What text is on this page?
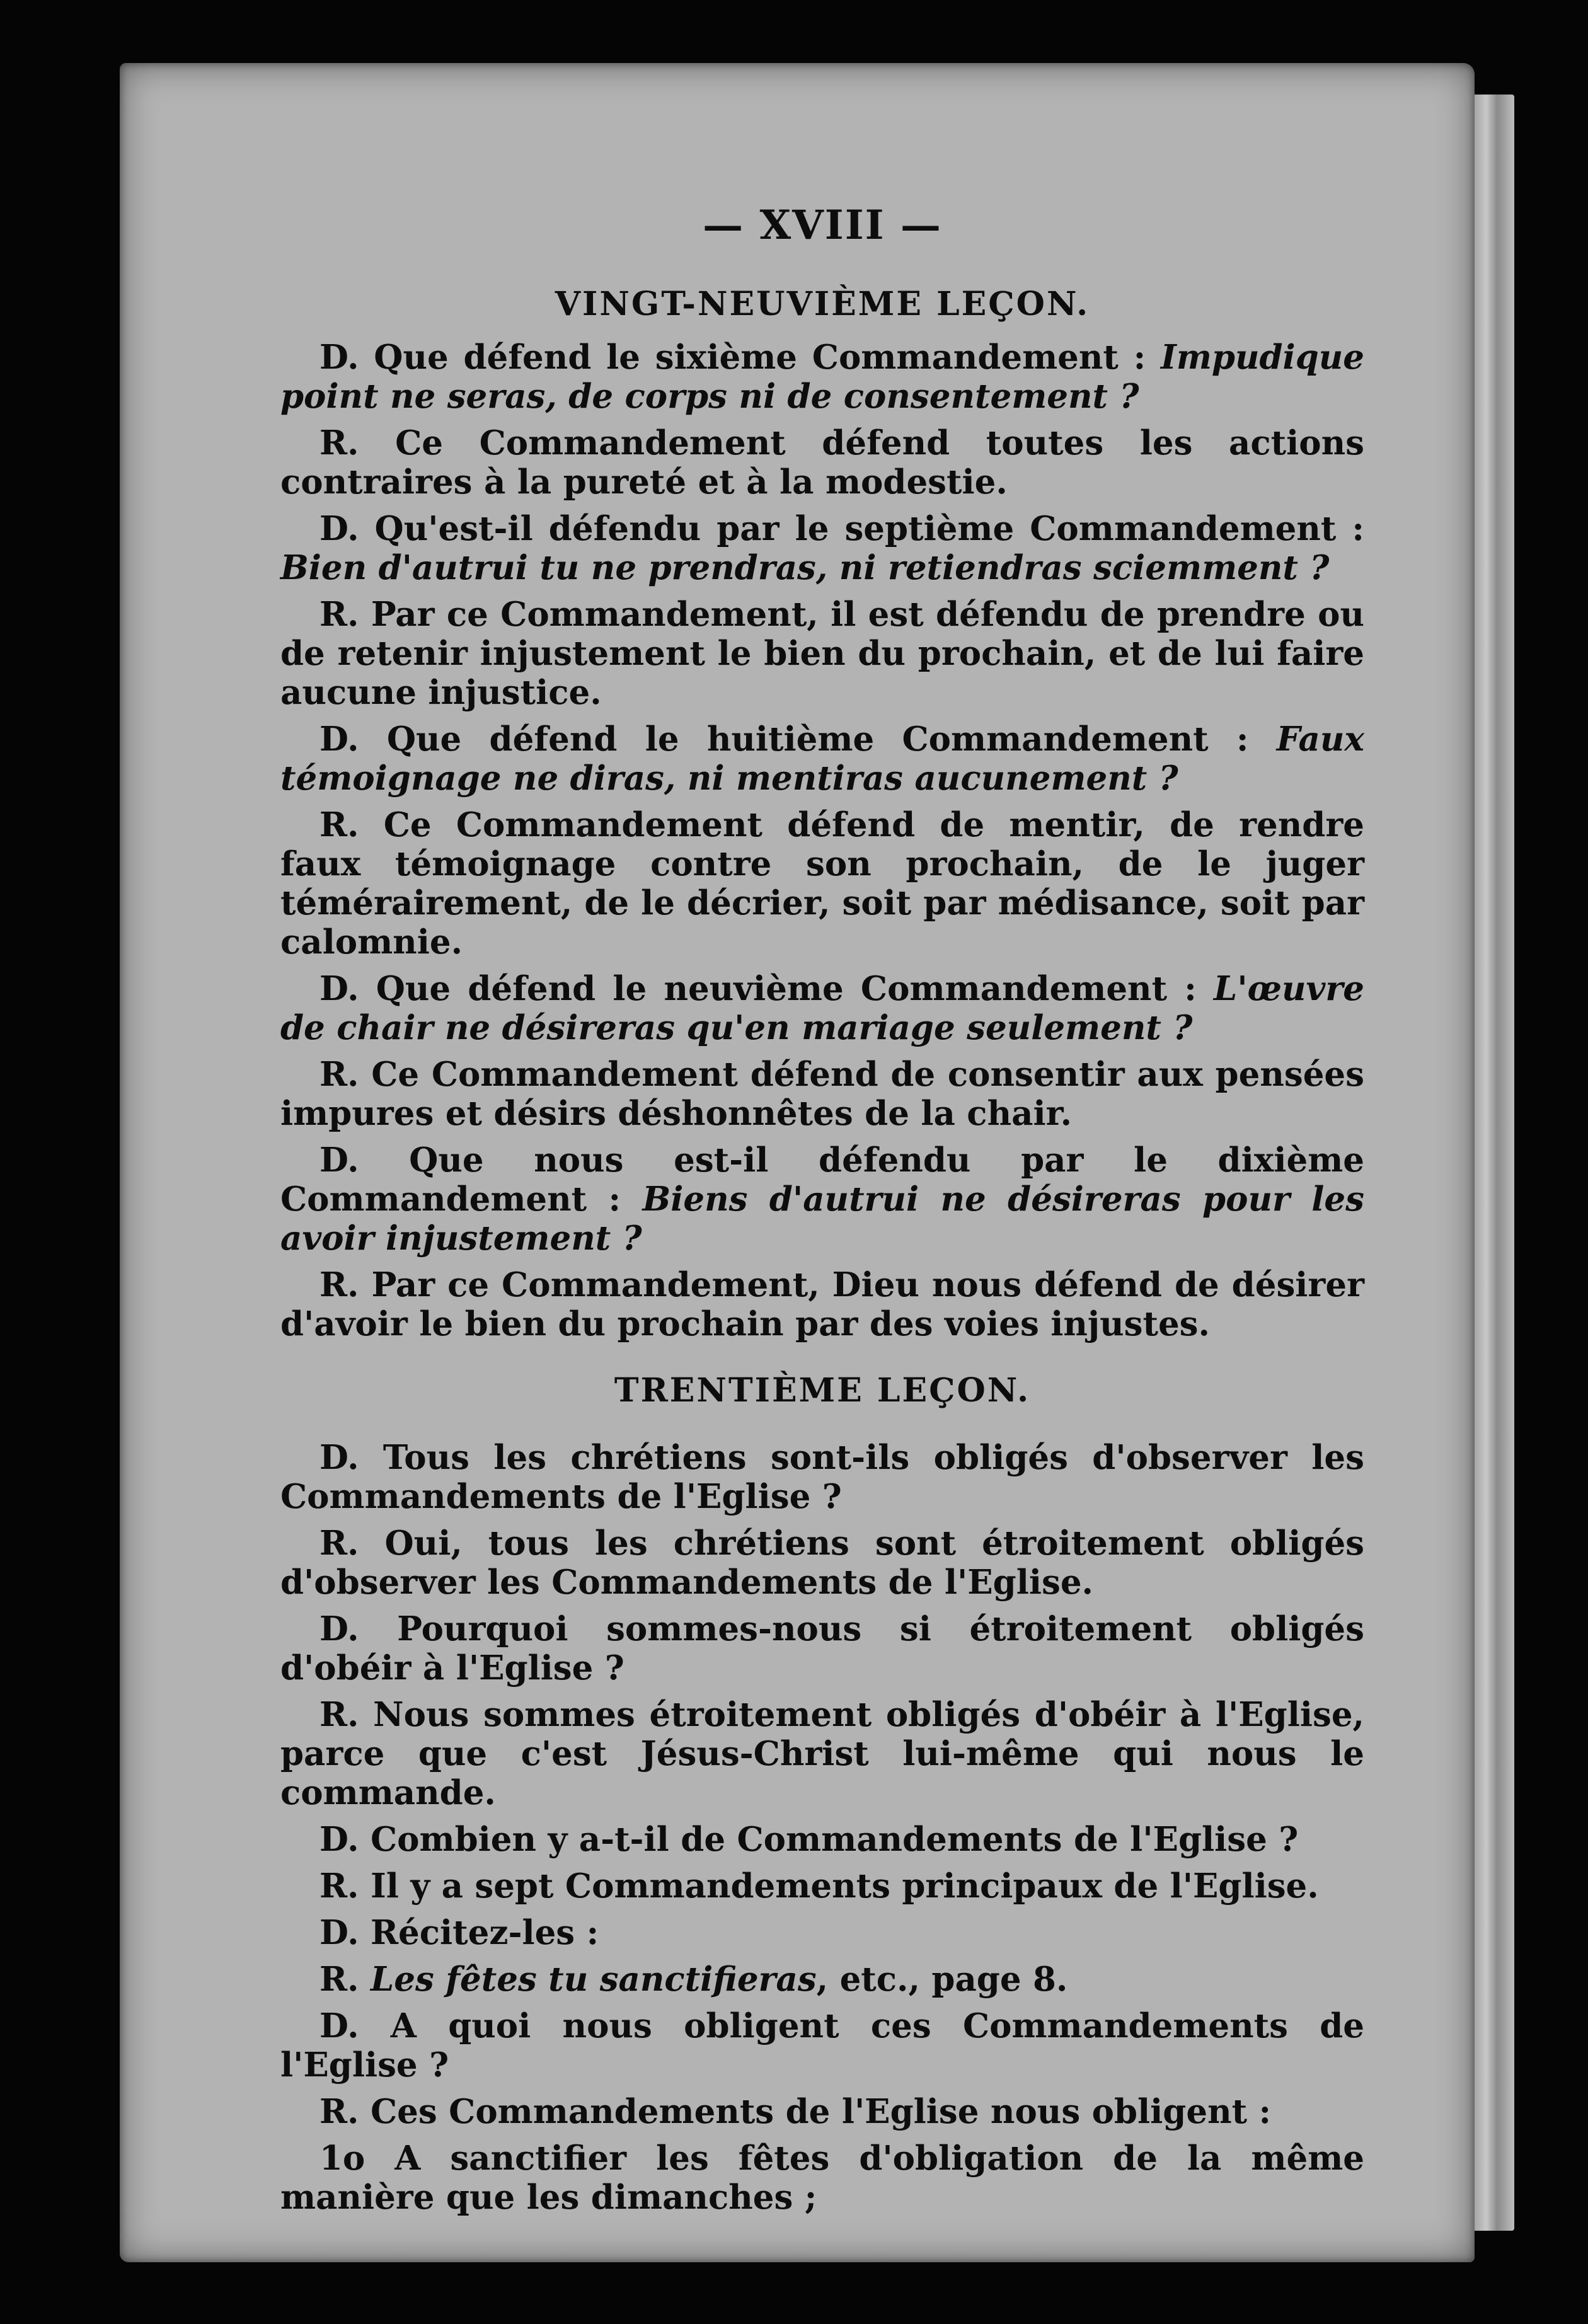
— XVIII —
VINGT-NEUVIÈME LEÇON.

D. Que défend le sixième Commandement : Impudique point ne seras, de corps ni de consentement ?

R. Ce Commandement défend toutes les actions contraires à la pureté et à la modestie.

D. Qu'est-il défendu par le septième Commandement : Bien d'autrui tu ne prendras, ni retiendras sciemment ?

R. Par ce Commandement, il est défendu de prendre ou de retenir injustement le bien du prochain, et de lui faire aucune injustice.

D. Que défend le huitième Commandement : Faux témoignage ne diras, ni mentiras aucunement ?

R. Ce Commandement défend de mentir, de rendre faux témoignage contre son prochain, de le juger témérairement, de le décrier, soit par médisance, soit par calomnie.

D. Que défend le neuvième Commandement : L'œuvre de chair ne désireras qu'en mariage seulement ?

R. Ce Commandement défend de consentir aux pensées impures et désirs déshonnêtes de la chair.

D. Que nous est-il défendu par le dixième Commandement : Biens d'autrui ne désireras pour les avoir injustement ?

R. Par ce Commandement, Dieu nous défend de désirer d'avoir le bien du prochain par des voies injustes.

TRENTIÈME LEÇON.

D. Tous les chrétiens sont-ils obligés d'observer les Commandements de l'Eglise ?

R. Oui, tous les chrétiens sont étroitement obligés d'observer les Commandements de l'Eglise.

D. Pourquoi sommes-nous si étroitement obligés d'obéir à l'Eglise ?

R. Nous sommes étroitement obligés d'obéir à l'Eglise, parce que c'est Jésus-Christ lui-même qui nous le commande.

D. Combien y a-t-il de Commandements de l'Eglise ?

R. Il y a sept Commandements principaux de l'Eglise.

D. Récitez-les :

R. Les fêtes tu sanctifieras, etc., page 8.

D. A quoi nous obligent ces Commandements de l'Eglise ?

R. Ces Commandements de l'Eglise nous obligent :

1o A sanctifier les fêtes d'obligation de la même manière que les dimanches ;
